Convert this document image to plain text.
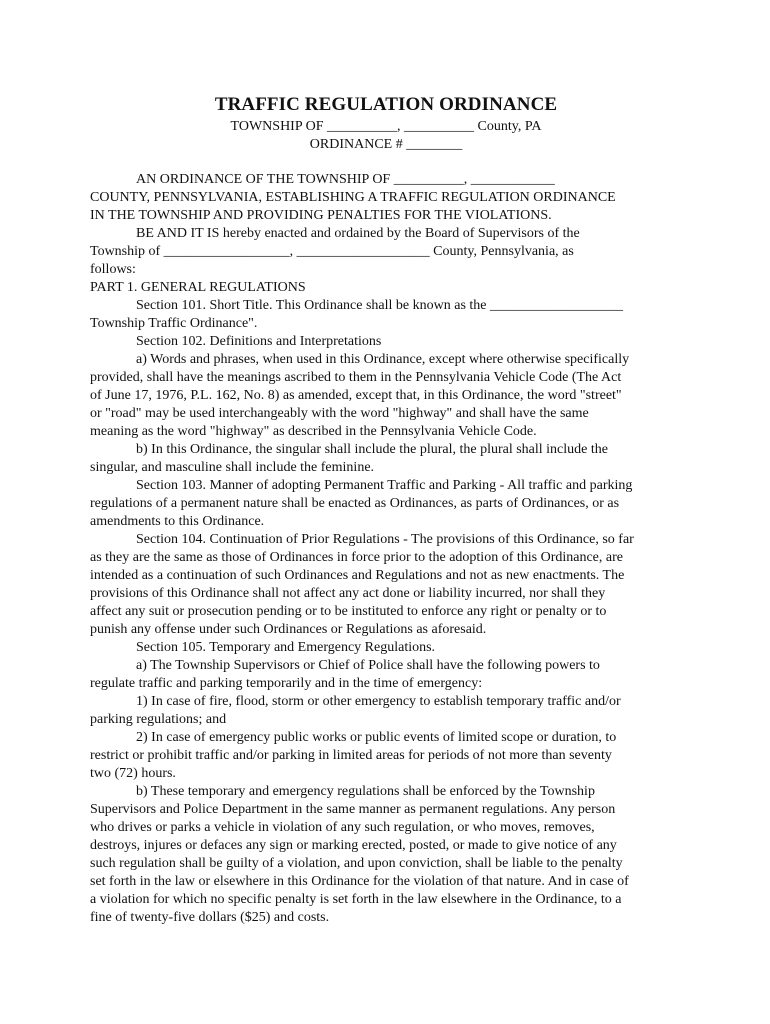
TRAFFIC REGULATION ORDINANCE

TOWNSHIP OF __________, __________ County, PA

ORDINANCE # ________

AN ORDINANCE OF THE TOWNSHIP OF __________, ____________

COUNTY, PENNSYLVANIA, ESTABLISHING A TRAFFIC REGULATION ORDINANCE

IN THE TOWNSHIP AND PROVIDING PENALTIES FOR THE VIOLATIONS.

BE AND IT IS hereby enacted and ordained by the Board of Supervisors of the

Township of __________________, ___________________ County, Pennsylvania, as

follows:

PART 1. GENERAL REGULATIONS

Section 101. Short Title. This Ordinance shall be known as the ___________________

Township Traffic Ordinance".

Section 102. Definitions and Interpretations

a) Words and phrases, when used in this Ordinance, except where otherwise specifically

provided, shall have the meanings ascribed to them in the Pennsylvania Vehicle Code (The Act

of June 17, 1976, P.L. 162, No. 8) as amended, except that, in this Ordinance, the word "street"

or "road" may be used interchangeably with the word "highway" and shall have the same

meaning as the word "highway" as described in the Pennsylvania Vehicle Code.

b) In this Ordinance, the singular shall include the plural, the plural shall include the

singular, and masculine shall include the feminine.

Section 103. Manner of adopting Permanent Traffic and Parking - All traffic and parking

regulations of a permanent nature shall be enacted as Ordinances, as parts of Ordinances, or as

amendments to this Ordinance.

Section 104. Continuation of Prior Regulations - The provisions of this Ordinance, so far

as they are the same as those of Ordinances in force prior to the adoption of this Ordinance, are

intended as a continuation of such Ordinances and Regulations and not as new enactments. The

provisions of this Ordinance shall not affect any act done or liability incurred, nor shall they

affect any suit or prosecution pending or to be instituted to enforce any right or penalty or to

punish any offense under such Ordinances or Regulations as aforesaid.

Section 105. Temporary and Emergency Regulations.

a) The Township Supervisors or Chief of Police shall have the following powers to

regulate traffic and parking temporarily and in the time of emergency:

1) In case of fire, flood, storm or other emergency to establish temporary traffic and/or

parking regulations; and

2) In case of emergency public works or public events of limited scope or duration, to

restrict or prohibit traffic and/or parking in limited areas for periods of not more than seventy

two (72) hours.

b) These temporary and emergency regulations shall be enforced by the Township

Supervisors and Police Department in the same manner as permanent regulations. Any person

who drives or parks a vehicle in violation of any such regulation, or who moves, removes,

destroys, injures or defaces any sign or marking erected, posted, or made to give notice of any

such regulation shall be guilty of a violation, and upon conviction, shall be liable to the penalty

set forth in the law or elsewhere in this Ordinance for the violation of that nature. And in case of

a violation for which no specific penalty is set forth in the law elsewhere in the Ordinance, to a

fine of twenty-five dollars ($25) and costs.
